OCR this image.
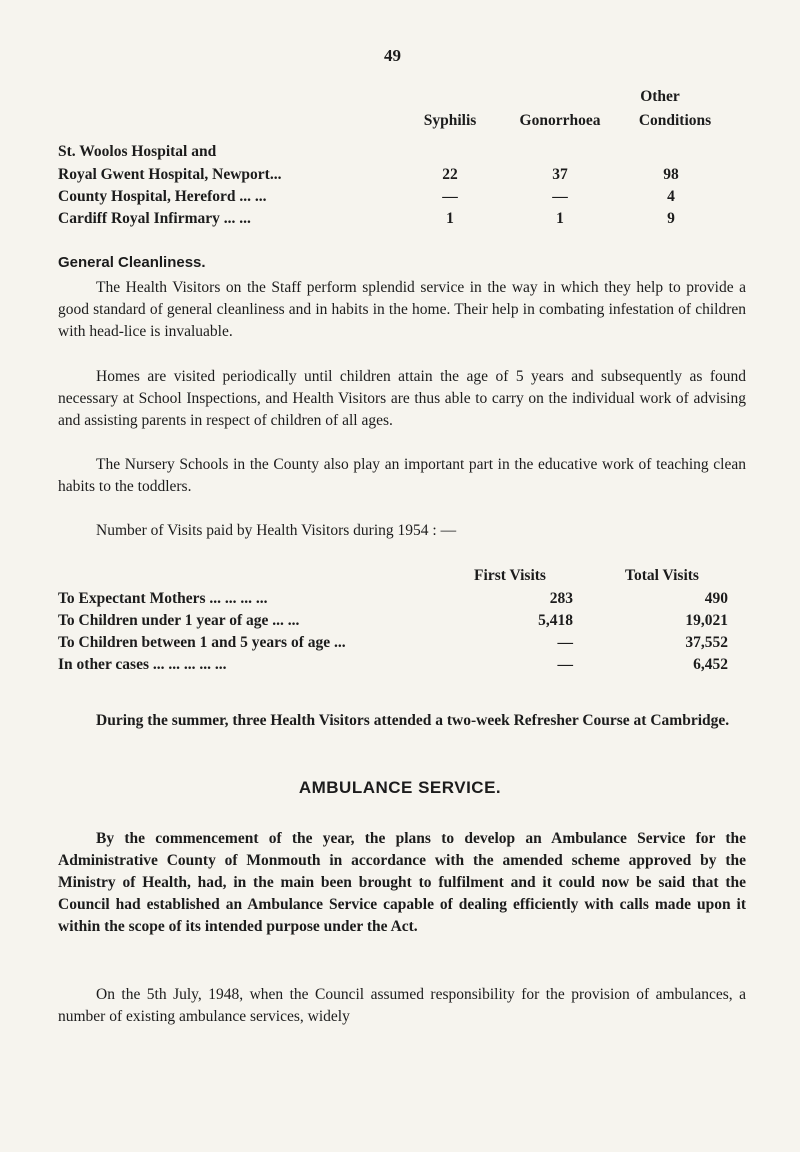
49
Other
Syphilis	Gonorrhoea	Conditions
St. Woolos Hospital and
Royal Gwent Hospital, Newport...	22	37	98
County Hospital, Hereford ... ...	—	—	4
Cardiff Royal Infirmary ... ...	1	1	9
General Cleanliness.

The Health Visitors on the Staff perform splendid service in the way in which they help to provide a good standard of general cleanliness and in habits in the home. Their help in combating infestation of children with head-lice is invaluable.

Homes are visited periodically until children attain the age of 5 years and subsequently as found necessary at School Inspections, and Health Visitors are thus able to carry on the individual work of advising and assisting parents in respect of children of all ages.

The Nursery Schools in the County also play an important part in the educative work of teaching clean habits to the toddlers.

Number of Visits paid by Health Visitors during 1954 : —

First Visits	Total Visits
To Expectant Mothers ... ... ... ...	283	490
To Children under 1 year of age ... ...	5,418	19,021
To Children between 1 and 5 years of age ...	—	37,552
In other cases ... ... ... ... ...	—	6,452

During the summer, three Health Visitors attended a two-week Refresher Course at Cambridge.

AMBULANCE SERVICE.

By the commencement of the year, the plans to develop an Ambulance Service for the Administrative County of Monmouth in accordance with the amended scheme approved by the Ministry of Health, had, in the main been brought to fulfilment and it could now be said that the Council had established an Ambulance Service capable of dealing efficiently with calls made upon it within the scope of its intended purpose under the Act.

On the 5th July, 1948, when the Council assumed responsibility for the provision of ambulances, a number of existing ambulance services, widely
